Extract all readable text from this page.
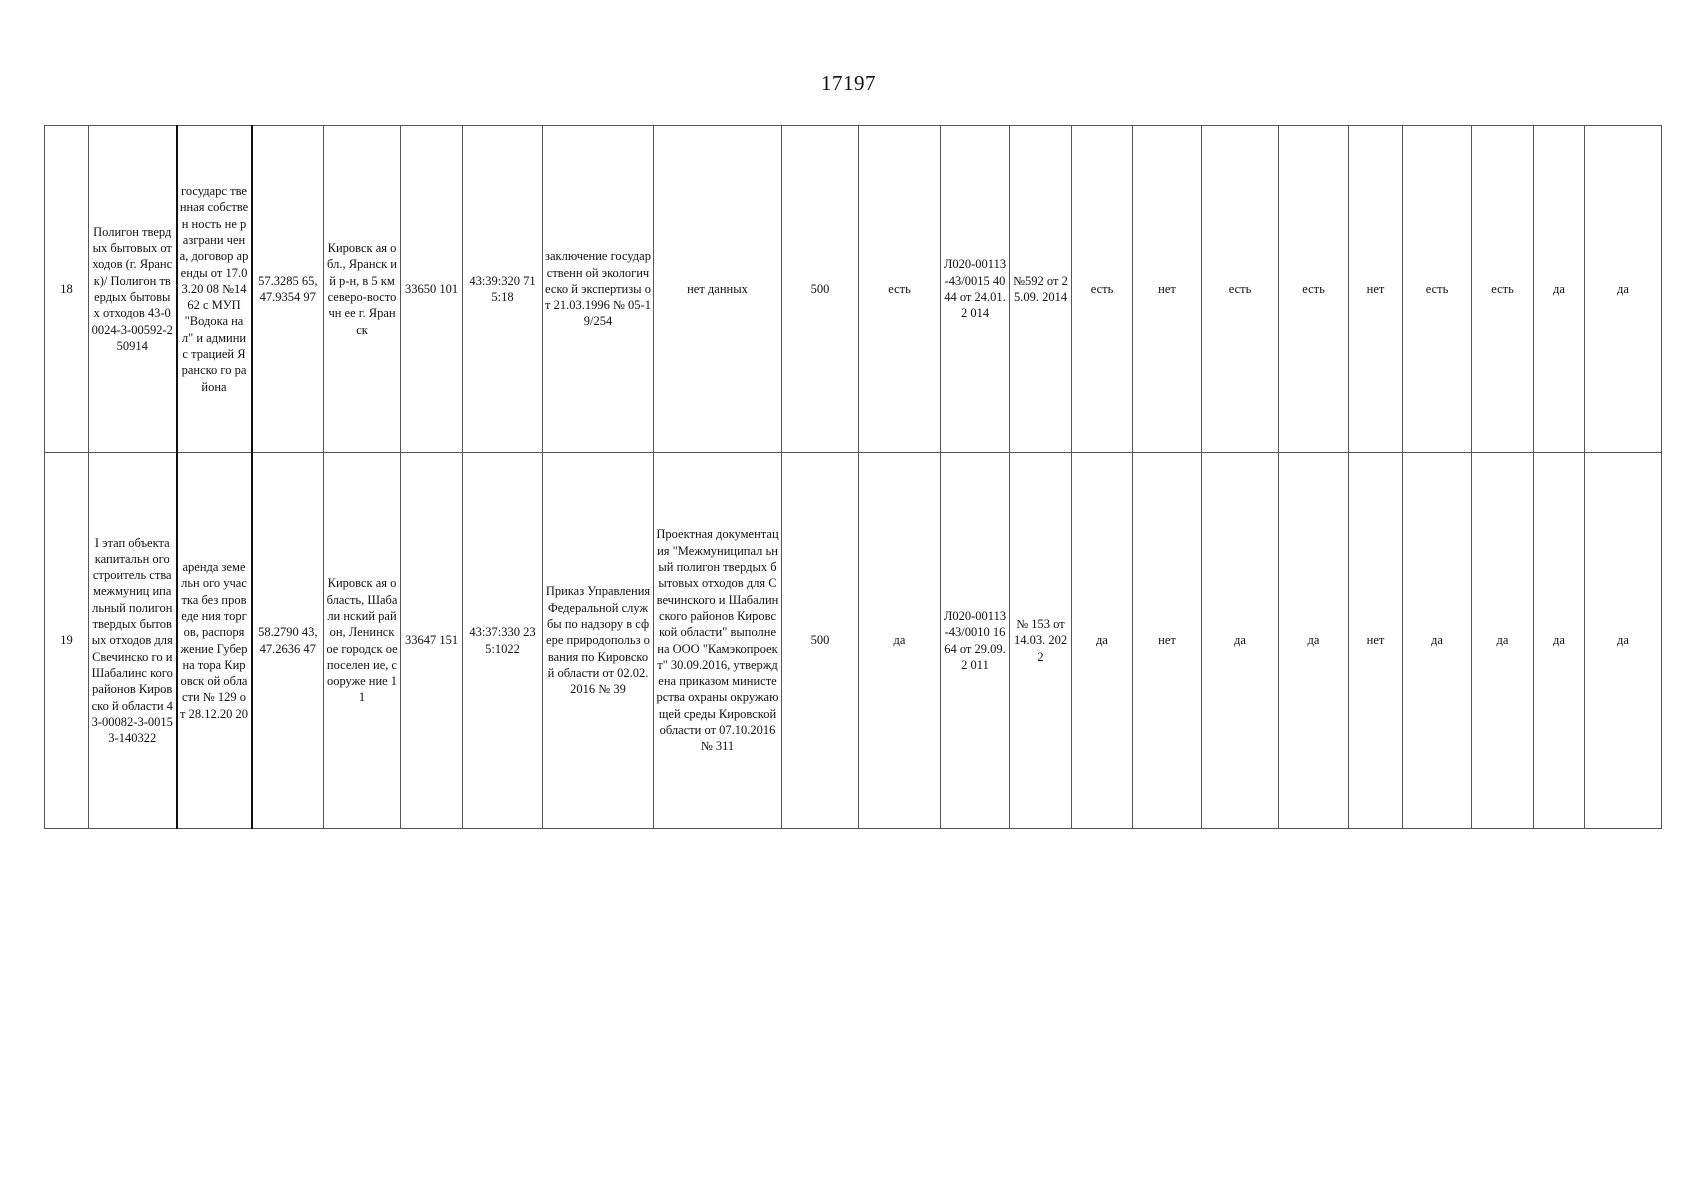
17197
18	Полигон твердых бытовых отходов (г. Яранск)/ Полигон твердых бытовых отходов 43-00024-3-00592-250914	государс твенная собствен ность не разграни чена, договор аренды от 17.03.20 08 №1462 с МУП "Водока нал" и админис трацией Яранско го района	57.3285 65, 47.9354 97	Кировск ая обл., Яранск ий р-н, в 5 км северо-восточн ее г. Яранск	33650 101	43:39:320 715:18	заключение государственн ой экологическо й экспертизы от 21.03.1996 № 05-19/254	нет данных	500	есть	Л020-00113-43/0015 4044 от 24.01.2 014	№592 от 25.09. 2014	есть	нет	есть	есть	нет	есть	есть	да	да
19	I этап объекта капитальн ого строитель ства межмуниц ипальный полигон твердых бытовых отходов для Свечинско го и Шабалинс кого районов Кировско й области 43-00082-3-00153-140322	аренда земельн ого участка без проведе ния торгов, распоря жение Губерна тора Кировск ой области № 129 от 28.12.20 20	58.2790 43, 47.2636 47	Кировск ая область, Шабали нский район, Ленинск ое городск ое поселен ие, сооруже ние 11	33647 151	43:37:330 235:1022	Приказ Управления Федеральной службы по надзору в сфере природопольз ования по Кировской области от 02.02.2016 № 39	Проектная документация "Межмуниципал ьный полигон твердых бытовых отходов для Свечинского и Шабалинского районов Кировской области" выполнена ООО "Камэкопроект" 30.09.2016, утверждена приказом министерства охраны окружающей среды Кировской области от 07.10.2016 № 311	500	да	Л020-00113-43/0010 1664 от 29.09.2 011	№ 153 от 14.03. 2022	да	нет	да	да	нет	да	да	да	да
